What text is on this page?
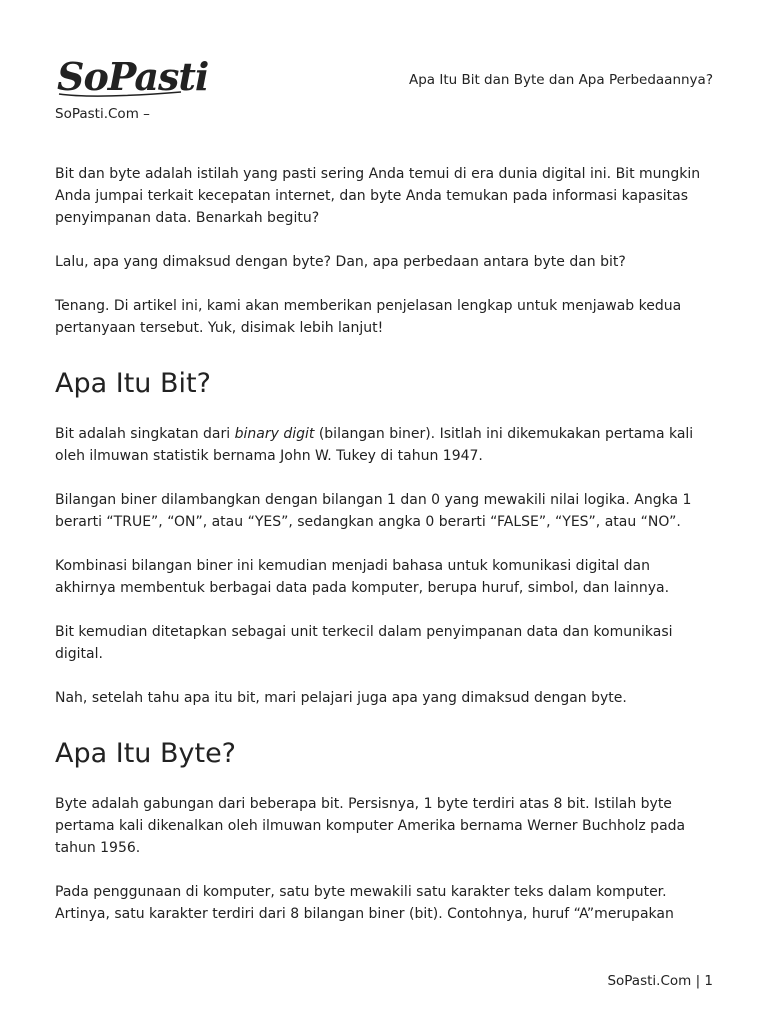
SoPasti	Apa Itu Bit dan Byte dan Apa Perbedaannya?
SoPasti.Com –

Bit dan byte adalah istilah yang pasti sering Anda temui di era dunia digital ini. Bit mungkin Anda jumpai terkait kecepatan internet, dan byte Anda temukan pada informasi kapasitas penyimpanan data. Benarkah begitu?

Lalu, apa yang dimaksud dengan byte? Dan, apa perbedaan antara byte dan bit?

Tenang. Di artikel ini, kami akan memberikan penjelasan lengkap untuk menjawab kedua pertanyaan tersebut. Yuk, disimak lebih lanjut!

Apa Itu Bit?

Bit adalah singkatan dari binary digit (bilangan biner). Isitlah ini dikemukakan pertama kali oleh ilmuwan statistik bernama John W. Tukey di tahun 1947.

Bilangan biner dilambangkan dengan bilangan 1 dan 0 yang mewakili nilai logika. Angka 1 berarti “TRUE”, “ON”, atau “YES”, sedangkan angka 0 berarti “FALSE”, “YES”, atau “NO”.

Kombinasi bilangan biner ini kemudian menjadi bahasa untuk komunikasi digital dan akhirnya membentuk berbagai data pada komputer, berupa huruf, simbol, dan lainnya.

Bit kemudian ditetapkan sebagai unit terkecil dalam penyimpanan data dan komunikasi digital.

Nah, setelah tahu apa itu bit, mari pelajari juga apa yang dimaksud dengan byte.

Apa Itu Byte?

Byte adalah gabungan dari beberapa bit. Persisnya, 1 byte terdiri atas 8 bit. Istilah byte pertama kali dikenalkan oleh ilmuwan komputer Amerika bernama Werner Buchholz pada tahun 1956.

Pada penggunaan di komputer, satu byte mewakili satu karakter teks dalam komputer. Artinya, satu karakter terdiri dari 8 bilangan biner (bit). Contohnya, huruf “A”merupakan

SoPasti.Com | 1
